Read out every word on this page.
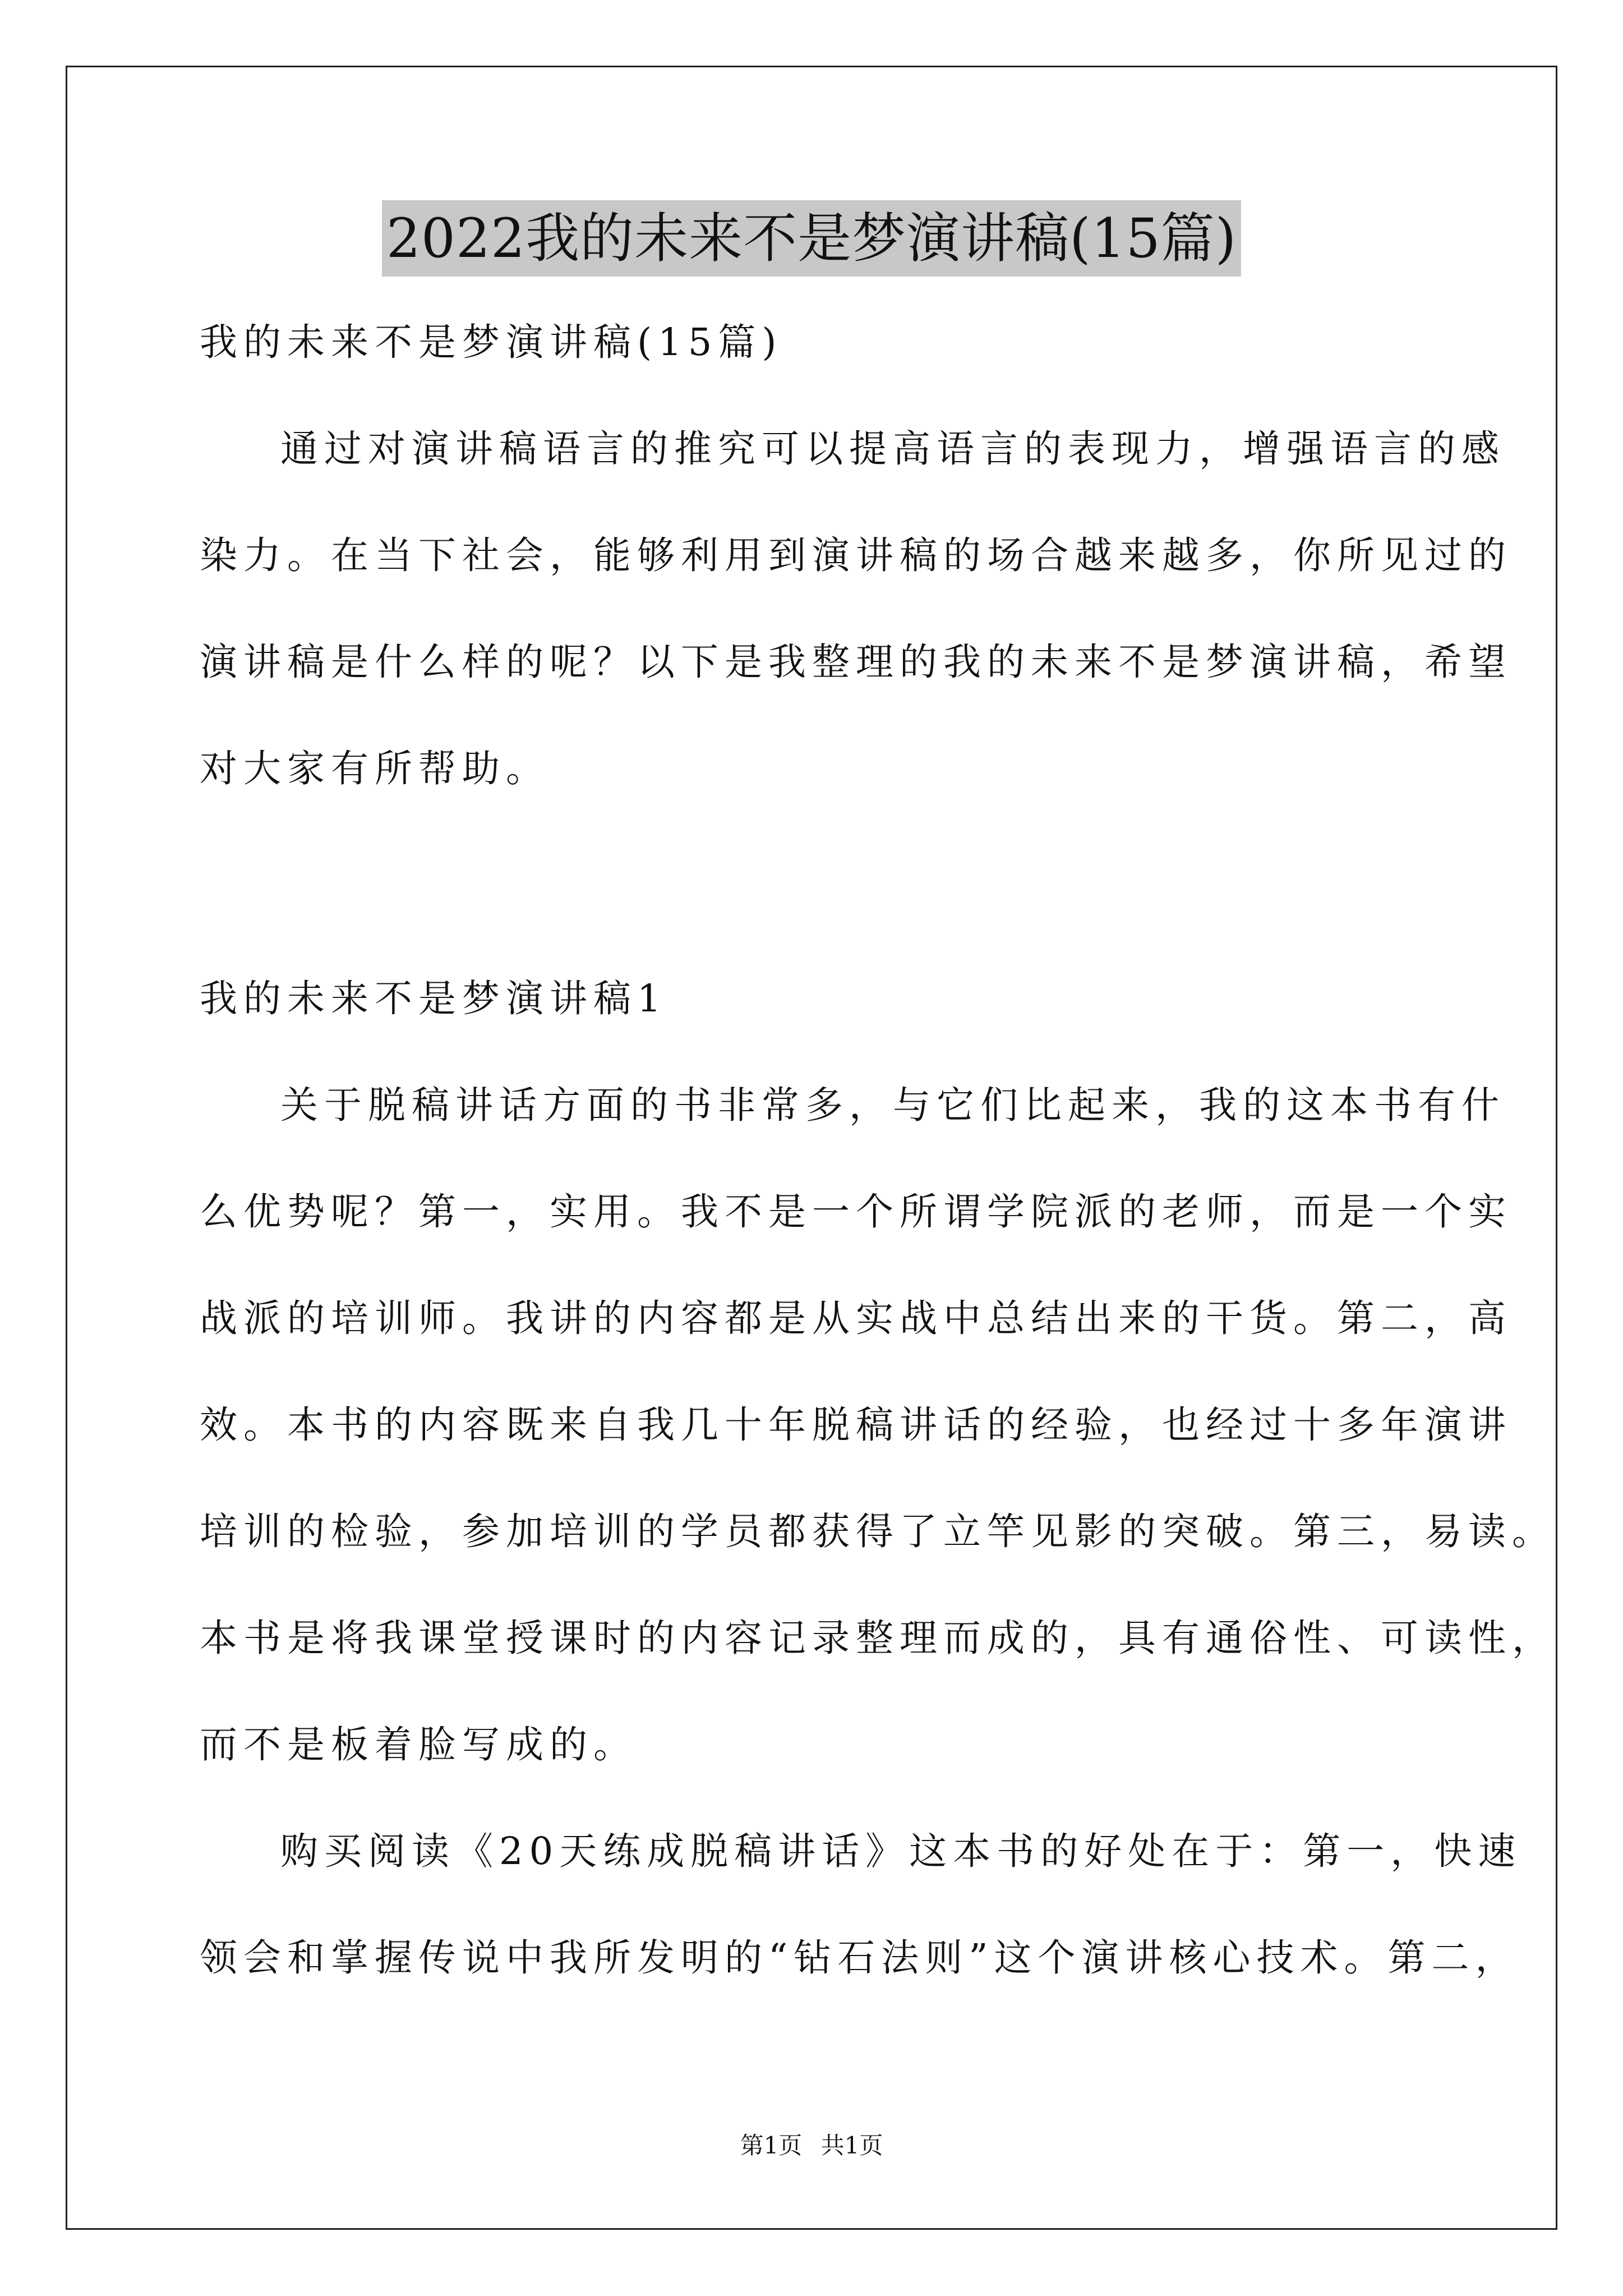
2022我的未来不是梦演讲稿(15篇)
我的未来不是梦演讲稿(15篇)
通过对演讲稿语言的推究可以提高语言的表现力，增强语言的感
染力。在当下社会，能够利用到演讲稿的场合越来越多，你所见过的
演讲稿是什么样的呢？以下是我整理的我的未来不是梦演讲稿，希望
对大家有所帮助。
我的未来不是梦演讲稿1
关于脱稿讲话方面的书非常多，与它们比起来，我的这本书有什
么优势呢？第一，实用。我不是一个所谓学院派的老师，而是一个实
战派的培训师。我讲的内容都是从实战中总结出来的干货。第二，高
效。本书的内容既来自我几十年脱稿讲话的经验，也经过十多年演讲
培训的检验，参加培训的学员都获得了立竿见影的突破。第三，易读。
本书是将我课堂授课时的内容记录整理而成的，具有通俗性、可读性，
而不是板着脸写成的。
购买阅读《20天练成脱稿讲话》这本书的好处在于：第一，快速
领会和掌握传说中我所发明的“钻石法则”这个演讲核心技术。第二，
第1页 共1页
